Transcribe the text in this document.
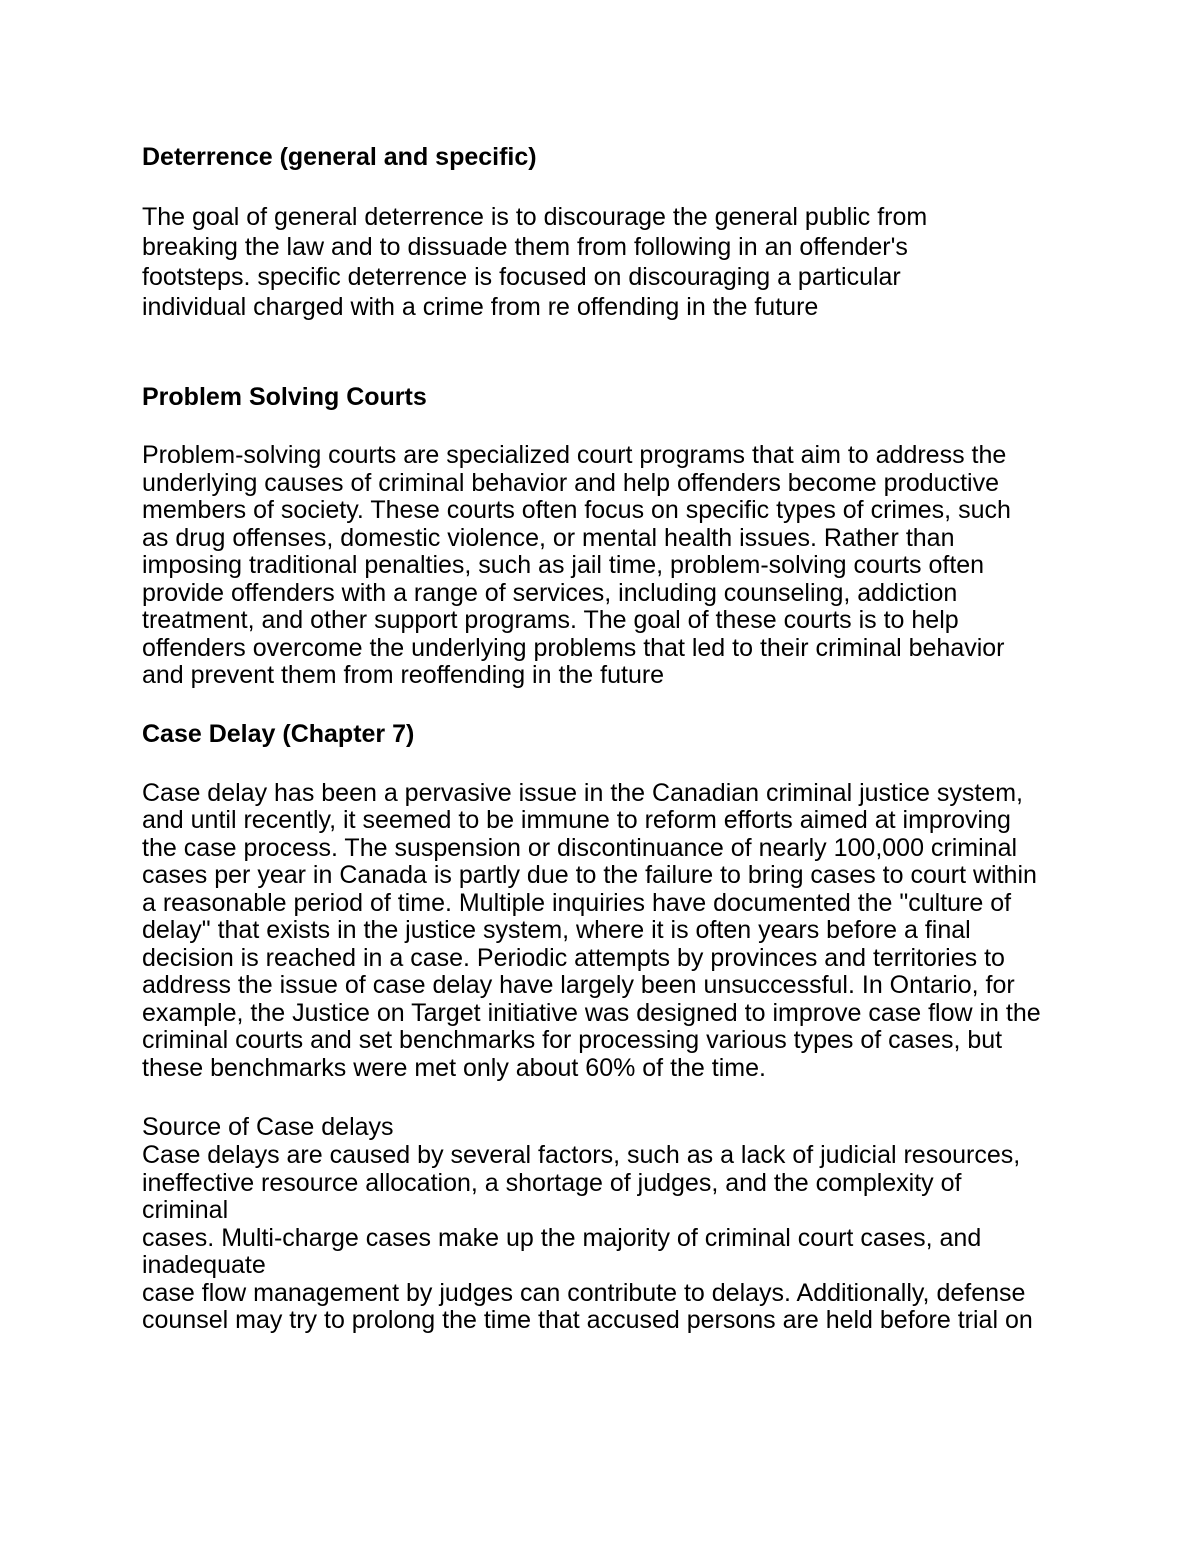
Deterrence (general and specific)
The goal of general deterrence is to discourage the general public from
breaking the law and to dissuade them from following in an offender's
footsteps. specific deterrence is focused on discouraging a particular
individual charged with a crime from re offending in the future
Problem Solving Courts
Problem-solving courts are specialized court programs that aim to address the
underlying causes of criminal behavior and help offenders become productive
members of society. These courts often focus on specific types of crimes, such
as drug offenses, domestic violence, or mental health issues. Rather than
imposing traditional penalties, such as jail time, problem-solving courts often
provide offenders with a range of services, including counseling, addiction
treatment, and other support programs. The goal of these courts is to help
offenders overcome the underlying problems that led to their criminal behavior
and prevent them from reoffending in the future
Case Delay (Chapter 7)
Case delay has been a pervasive issue in the Canadian criminal justice system,
and until recently, it seemed to be immune to reform efforts aimed at improving
the case process. The suspension or discontinuance of nearly 100,000 criminal
cases per year in Canada is partly due to the failure to bring cases to court within
a reasonable period of time. Multiple inquiries have documented the "culture of
delay" that exists in the justice system, where it is often years before a final
decision is reached in a case. Periodic attempts by provinces and territories to
address the issue of case delay have largely been unsuccessful. In Ontario, for
example, the Justice on Target initiative was designed to improve case flow in the
criminal courts and set benchmarks for processing various types of cases, but
these benchmarks were met only about 60% of the time.
Source of Case delays
Case delays are caused by several factors, such as a lack of judicial resources,
ineffective resource allocation, a shortage of judges, and the complexity of
criminal
cases. Multi-charge cases make up the majority of criminal court cases, and
inadequate
case flow management by judges can contribute to delays. Additionally, defense
counsel may try to prolong the time that accused persons are held before trial on
